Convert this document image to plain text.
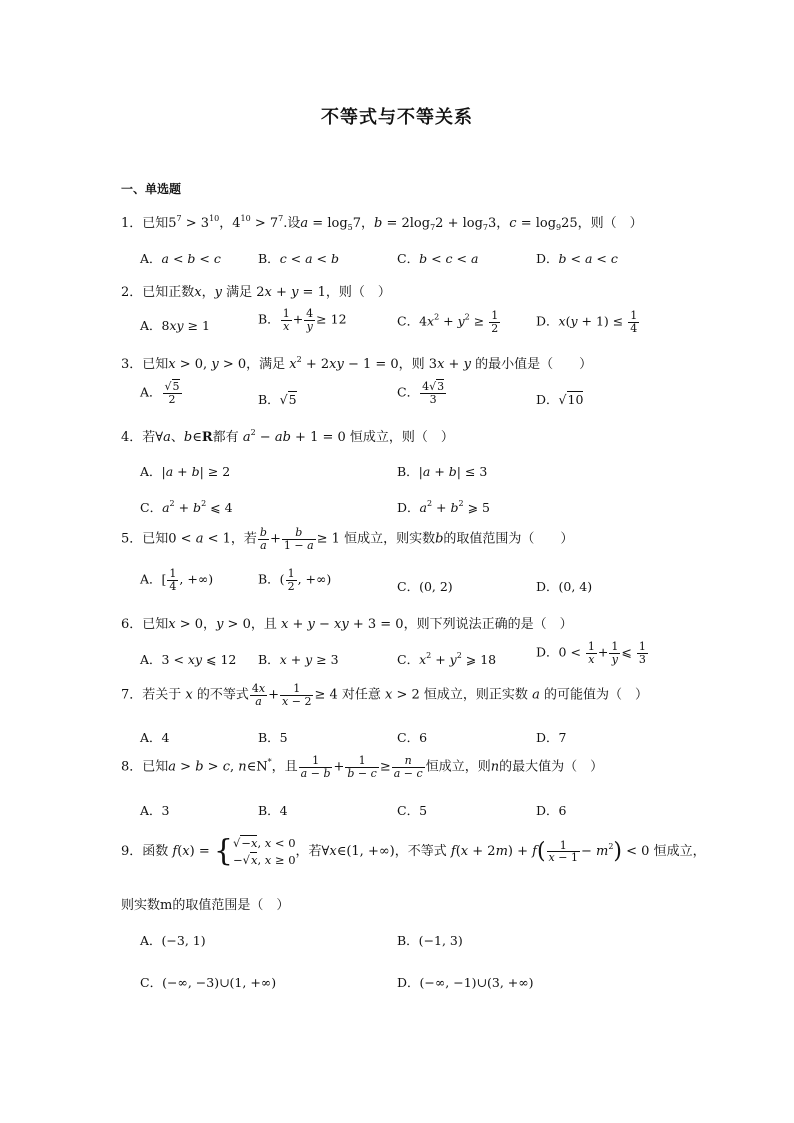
不等式与不等关系
一、单选题
1．已知$5^7 > 3^{10}$，$4^{10} > 7^7$.设$a = \log_57$，$b = 2\log_72 + \log_73$，$c = \log_925$，则（　）
A．a < b < c	B．c < a < b	C．b < c < a	D．b < a < c
2．已知正数x，y 满足 2x + y = 1，则（　）
A．8xy ≥ 1	B． $\frac{1}{x} + \frac{4}{y} \ge 12$	C．$4x^2 + y^2 \ge \frac{1}{2}$	D．$x(y + 1) \le \frac{1}{4}$
3．已知x > 0, y > 0，满足 $x^2 + 2xy - 1 = 0$，则 3x + y 的最小值是（　　）
A． $\frac{√5}{2}$	B．√5	C． $\frac{4√3}{3}$	D．√10
4．若∀a、b∈R都有 $a^2$ − ab + 1 = 0 恒成立，则（　）
A．|a + b| ≥ 2	B．|a + b| ≤ 3
C．$a^2 + b^2$ ⩽ 4	D．$a^2 + b^2$ ⩾ 5
5．已知0 < a < 1，若 $\frac{b}{a} + \frac{b}{1 - a} \ge 1$ 恒成立，则实数b的取值范围为（　　）
A．[ $\frac{1}{4}$ , +∞)	B．( $\frac{1}{2}$ , +∞)	C．(0, 2)	D．(0, 4)
6．已知x > 0，y > 0，且 x + y − xy + 3 = 0，则下列说法正确的是（　）
A．3 < xy ⩽ 12 B．x + y ≥ 3	C．$x^2 + y^2$ ⩾ 18	D．$0 < \frac{1}{x} + \frac{1}{y}$ ⩽ $\frac{1}{3}$
7．若关于 x 的不等式 $\frac{4x}{a} + \frac{1}{x - 2} \ge 4$ 对任意 x > 2 恒成立，则正实数 a 的可能值为（　）
A．4	B．5	C．6	D．7
8．已知a > b > c, n∈N*，且 $\frac{1}{a - b} + \frac{1}{b - c} \ge \frac{n}{a - c}$ 恒成立，则n的最大值为（　）
A．3	B．4	C．5	D．6
9．函数 f(x) = {√−x, x < 0
−√x, x ≥ 0，若∀x∈(1, +∞)，不等式 $f(x + 2m) + f( \frac{1}{x - 1} - m^2) < 0$ 恒成立，
则实数m的取值范围是（　）
A．(−3, 1)	B．(−1, 3)
C．(−∞, −3)∪(1, +∞)	D．(−∞, −1)∪(3, +∞)
